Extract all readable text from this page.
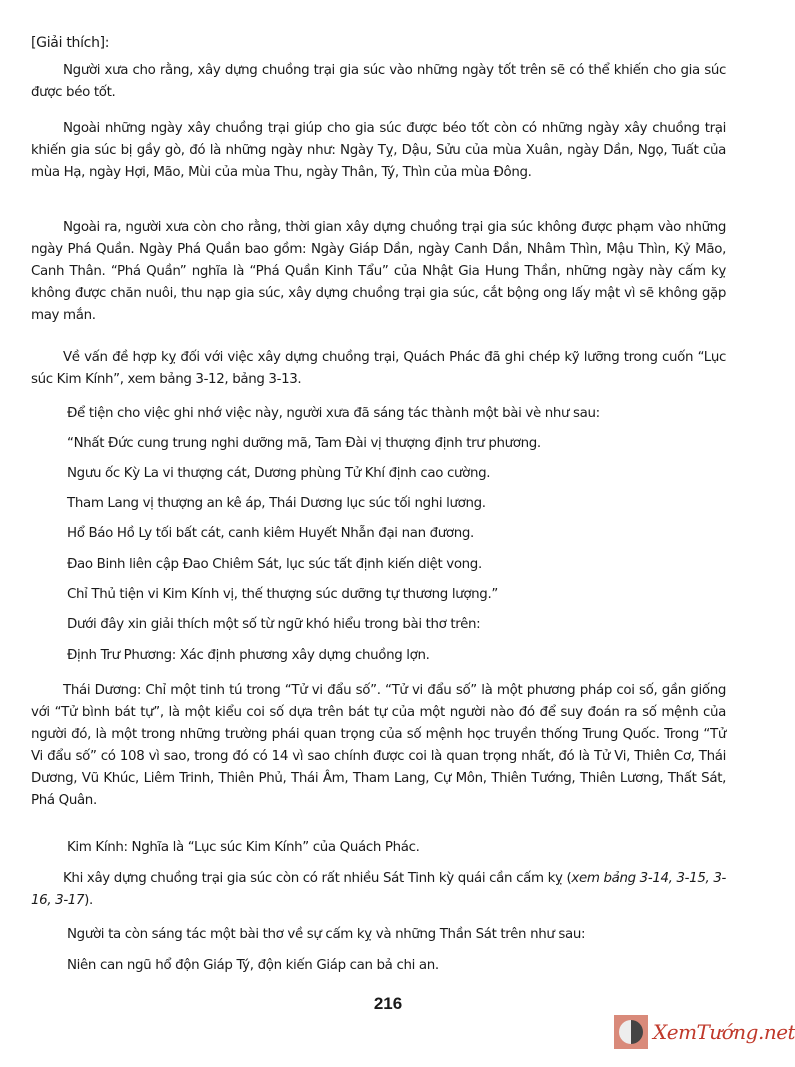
[Giải thích]:

Người xưa cho rằng, xây dựng chuồng trại gia súc vào những ngày tốt trên sẽ có thể khiến cho gia súc được béo tốt.

Ngoài những ngày xây chuồng trại giúp cho gia súc được béo tốt còn có những ngày xây chuồng trại khiến gia súc bị gầy gò, đó là những ngày như: Ngày Tỵ, Dậu, Sửu của mùa Xuân, ngày Dần, Ngọ, Tuất của mùa Hạ, ngày Hợi, Mão, Mùi của mùa Thu, ngày Thân, Tý, Thìn của mùa Đông.

Ngoài ra, người xưa còn cho rằng, thời gian xây dựng chuồng trại gia súc không được phạm vào những ngày Phá Quần. Ngày Phá Quần bao gồm: Ngày Giáp Dần, ngày Canh Dần, Nhâm Thìn, Mậu Thìn, Kỷ Mão, Canh Thân. “Phá Quần” nghĩa là “Phá Quần Kinh Tẩu” của Nhật Gia Hung Thần, những ngày này cấm kỵ không được chăn nuôi, thu nạp gia súc, xây dựng chuồng trại gia súc, cắt bộng ong lấy mật vì sẽ không gặp may mắn.

Về vấn đề hợp kỵ đối với việc xây dựng chuồng trại, Quách Phác đã ghi chép kỹ lưỡng trong cuốn “Lục súc Kim Kính”, xem bảng 3-12, bảng 3-13.

Để tiện cho việc ghi nhớ việc này, người xưa đã sáng tác thành một bài vè như sau:
“Nhất Đức cung trung nghi dưỡng mã, Tam Đài vị thượng định trư phương.
Ngưu ốc Kỳ La vi thượng cát, Dương phùng Tử Khí định cao cường.
Tham Lang vị thượng an kê áp, Thái Dương lục súc tối nghi lương.
Hổ Báo Hồ Ly tối bất cát, canh kiêm Huyết Nhẫn đại nan đương.
Đao Binh liên cập Đao Chiêm Sát, lục súc tất định kiến diệt vong.
Chỉ Thủ tiện vi Kim Kính vị, thế thượng súc dưỡng tự thương lượng.”
Dưới đây xin giải thích một số từ ngữ khó hiểu trong bài thơ trên:
Định Trư Phương: Xác định phương xây dựng chuồng lợn.

Thái Dương: Chỉ một tinh tú trong “Tử vi đẩu số”. “Tử vi đẩu số” là một phương pháp coi số, gần giống với “Tử bình bát tự”, là một kiểu coi số dựa trên bát tự của một người nào đó để suy đoán ra số mệnh của người đó, là một trong những trường phái quan trọng của số mệnh học truyền thống Trung Quốc. Trong “Tử Vi đẩu số” có 108 vì sao, trong đó có 14 vì sao chính được coi là quan trọng nhất, đó là Tử Vi, Thiên Cơ, Thái Dương, Vũ Khúc, Liêm Trinh, Thiên Phủ, Thái Âm, Tham Lang, Cự Môn, Thiên Tướng, Thiên Lương, Thất Sát, Phá Quân.

Kim Kính: Nghĩa là “Lục súc Kim Kính” của Quách Phác.

Khi xây dựng chuồng trại gia súc còn có rất nhiều Sát Tinh kỳ quái cần cấm kỵ (xem bảng 3-14, 3-15, 3-16, 3-17).

Người ta còn sáng tác một bài thơ về sự cấm kỵ và những Thần Sát trên như sau:
Niên can ngũ hổ độn Giáp Tý, độn kiến Giáp can bả chi an.
216
XemTướng.net
